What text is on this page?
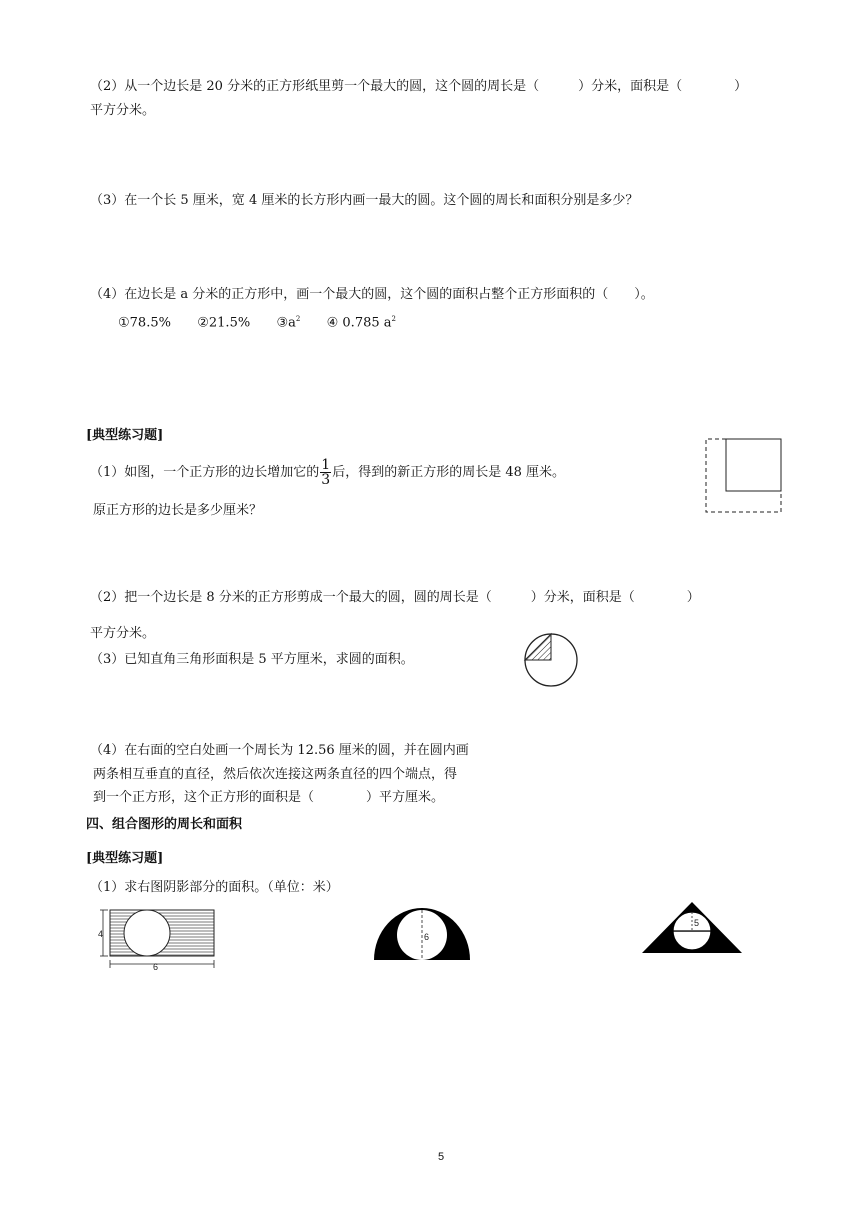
（2）从一个边长是 20 分米的正方形纸里剪一个最大的圆，这个圆的周长是（　　　）分米，面积是（　　　　）
平方分米。
（3）在一个长 5 厘米，宽 4 厘米的长方形内画一最大的圆。这个圆的周长和面积分别是多少？
（4）在边长是 a 分米的正方形中，画一个最大的圆，这个圆的面积占整个正方形面积的（　　）。
①78.5% ②21.5% $③a^2$ ④ 0.785 $a^2$
[典型练习题]
（1）如图，一个正方形的边长增加它的 $\frac{1}{3}$ 后，得到的新正方形的周长是 48 厘米。
原正方形的边长是多少厘米？
（2）把一个边长是 8 分米的正方形剪成一个最大的圆，圆的周长是（　　　）分米，面积是（　　　　）
平方分米。
（3）已知直角三角形面积是 5 平方厘米，求圆的面积。
（4）在右面的空白处画一个周长为 12.56 厘米的圆，并在圆内画
两条相互垂直的直径，然后依次连接这两条直径的四个端点，得
到一个正方形，这个正方形的面积是（　　　　）平方厘米。
四、组合图形的周长和面积
[典型练习题]
（1）求右图阴影部分的面积。（单位：米）
4
6
6
5
5
